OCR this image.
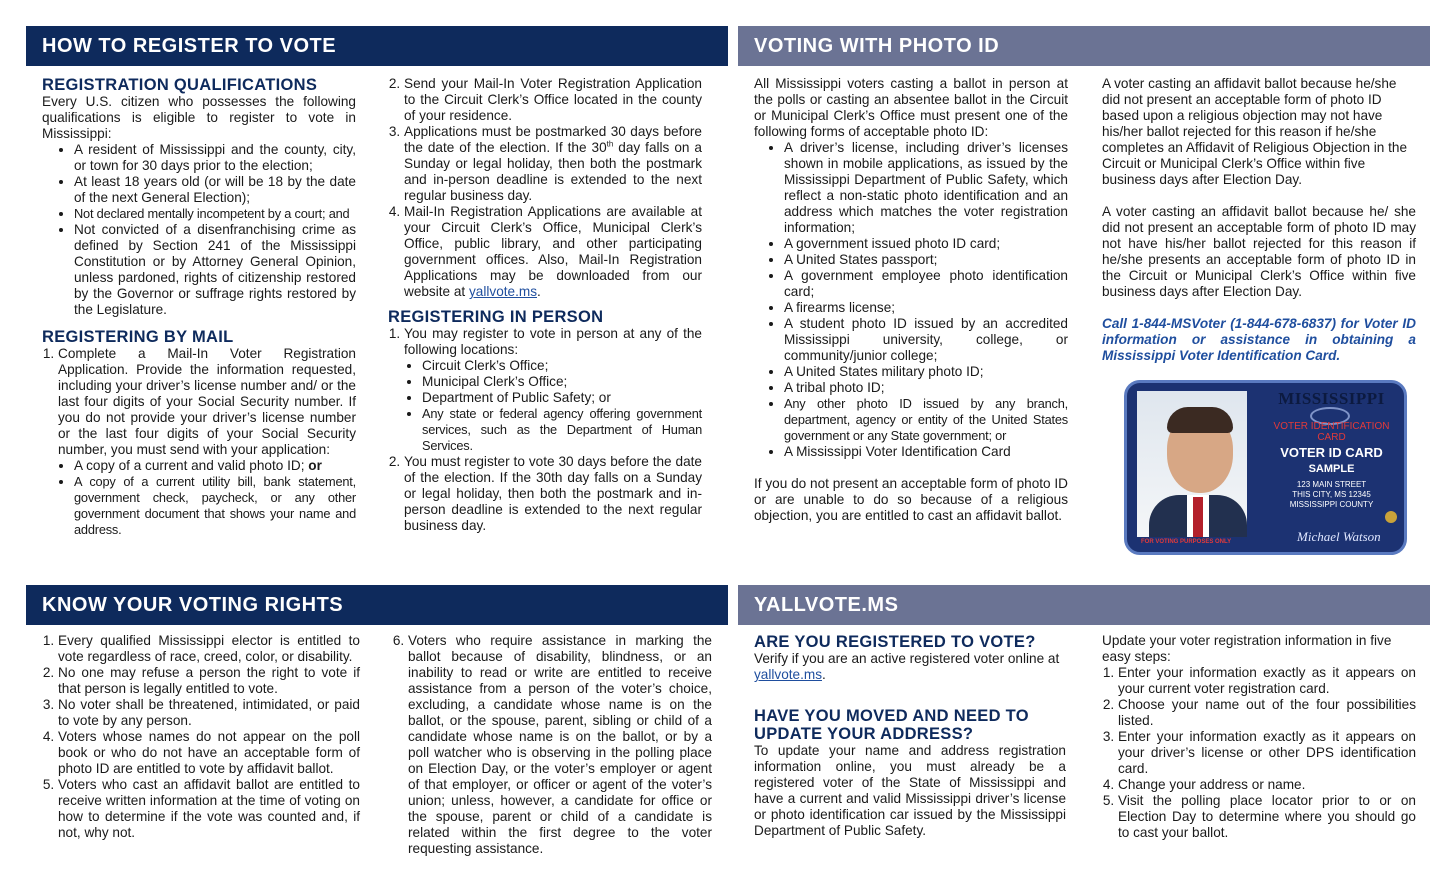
HOW TO REGISTER TO VOTE	VOTING WITH PHOTO ID
KNOW YOUR VOTING RIGHTS	YALLVOTE.MS
REGISTRATION QUALIFICATIONS

Every U.S. citizen who possesses the following qualifications is eligible to register to vote in Mississippi:

• A resident of Mississippi and the county, city, or town for 30 days prior to the election;
• At least 18 years old (or will be 18 by the date of the next General Election);
• Not declared mentally incompetent by a court; and
• Not convicted of a disenfranchising crime as defined by Section 241 of the Mississippi Constitution or by Attorney General Opinion, unless pardoned, rights of citizenship restored by the Governor or suffrage rights restored by the Legislature.
REGISTERING BY MAIL
1. Complete a Mail-In Voter Registration Application. Provide the information requested, including your driver’s license number and/ or the last four digits of your Social Security number. If you do not provide your driver’s license number or the last four digits of your Social Security number, you must send with your application:
• A copy of a current and valid photo ID; or
• A copy of a current utility bill, bank statement, government check, paycheck, or any other government document that shows your name and address.
2. Send your Mail-In Voter Registration Application to the Circuit Clerk’s Office located in the county of your residence.
3. Applications must be postmarked 30 days before the date of the election. If the 30th day falls on a Sunday or legal holiday, then both the postmark and in-person deadline is extended to the next regular business day.
4. Mail-In Registration Applications are available at your Circuit Clerk’s Office, Municipal Clerk’s Office, public library, and other participating government offices. Also, Mail-In Registration Applications may be downloaded from our website at yallvote.ms.
REGISTERING IN PERSON
1. You may register to vote in person at any of the following locations:
• Circuit Clerk’s Office;
• Municipal Clerk’s Office;
• Department of Public Safety; or
• Any state or federal agency offering government services, such as the Department of Human Services.
2. You must register to vote 30 days before the date of the election. If the 30th day falls on a Sunday or legal holiday, then both the postmark and in-person deadline is extended to the next regular business day.

All Mississippi voters casting a ballot in person at the polls or casting an absentee ballot in the Circuit or Municipal Clerk’s Office must present one of the following forms of acceptable photo ID:

• A driver’s license, including driver’s licenses shown in mobile applications, as issued by the Mississippi Department of Public Safety, which reflect a non-static photo identification and an address which matches the voter registration information;
• A government issued photo ID card;
• A United States passport;
• A government employee photo identification card;
• A firearms license;
• A student photo ID issued by an accredited Mississippi university, college, or community/junior college;
• A United States military photo ID;
• A tribal photo ID;
• Any other photo ID issued by any branch, department, agency or entity of the United States government or any State government; or
• A Mississippi Voter Identification Card

If you do not present an acceptable form of photo ID or are unable to do so because of a religious objection, you are entitled to cast an affidavit ballot.

A voter casting an affidavit ballot because he/she did not present an acceptable form of photo ID based upon a religious objection may not have his/her ballot rejected for this reason if he/she completes an Affidavit of Religious Objection in the Circuit or Municipal Clerk’s Office within five business days after Election Day.

A voter casting an affidavit ballot because he/ she did not present an acceptable form of photo ID may not have his/her ballot rejected for this reason if he/she presents an acceptable form of photo ID in the Circuit or Municipal Clerk’s Office within five business days after Election Day.

Call 1-844-MSVoter (1-844-678-6837) for Voter ID information or assistance in obtaining a Mississippi Voter Identification Card.

MISSISSIPPI
VOTER IDENTIFICATION CARD
VOTER ID CARD
SAMPLE
123 MAIN STREET
THIS CITY, MS 12345
MISSISSIPPI COUNTY
FOR VOTING PURPOSES ONLY	Michael Watson
1. Every qualified Mississippi elector is entitled to vote regardless of race, creed, color, or disability.
2. No one may refuse a person the right to vote if that person is legally entitled to vote.
3. No voter shall be threatened, intimidated, or paid to vote by any person.
4. Voters whose names do not appear on the poll book or who do not have an acceptable form of photo ID are entitled to vote by affidavit ballot.
5. Voters who cast an affidavit ballot are entitled to receive written information at the time of voting on how to determine if the vote was counted and, if not, why not.
6. Voters who require assistance in marking the ballot because of disability, blindness, or an inability to read or write are entitled to receive assistance from a person of the voter’s choice, excluding, a candidate whose name is on the ballot, or the spouse, parent, sibling or child of a candidate whose name is on the ballot, or by a poll watcher who is observing in the polling place on Election Day, or the voter’s employer or agent of that employer, or officer or agent of the voter’s union; unless, however, a candidate for office or the spouse, parent or child of a candidate is related within the first degree to the voter requesting assistance.
ARE YOU REGISTERED TO VOTE?

Verify if you are an active registered voter online at yallvote.ms.

HAVE YOU MOVED AND NEED TO UPDATE YOUR ADDRESS?

To update your name and address registration information online, you must already be a registered voter of the State of Mississippi and have a current and valid Mississippi driver’s license or photo identification car issued by the Mississippi Department of Public Safety.

Update your voter registration information in five easy steps:

1. Enter your information exactly as it appears on your current voter registration card.
2. Choose your name out of the four possibilities listed.
3. Enter your information exactly as it appears on your driver’s license or other DPS identification card.
4. Change your address or name.
5. Visit the polling place locator prior to or on Election Day to determine where you should go to cast your ballot.
